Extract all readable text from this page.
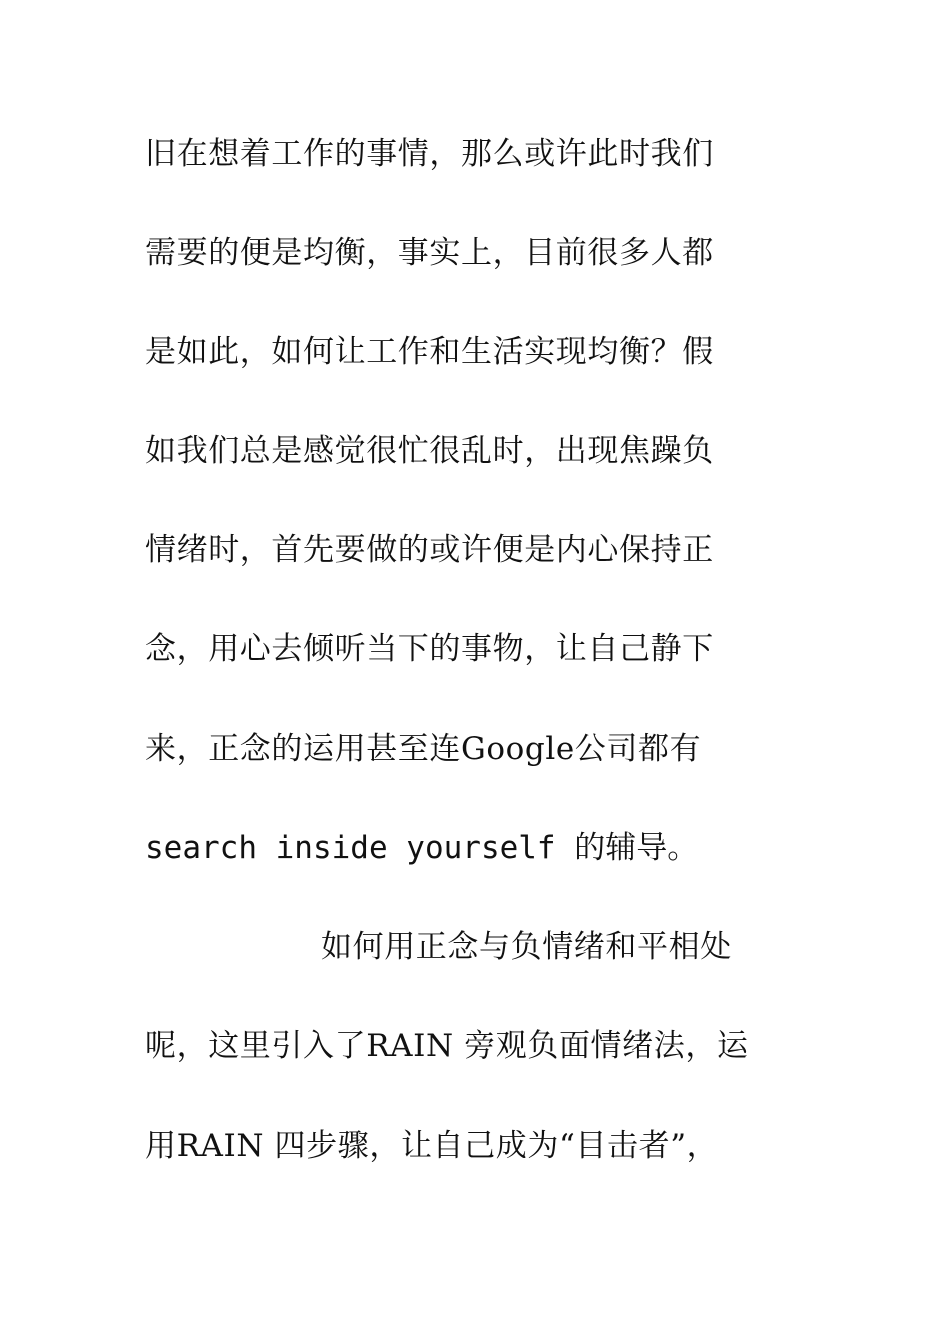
旧在想着工作的事情，那么或许此时我们
需要的便是均衡，事实上，目前很多人都
是如此，如何让工作和生活实现均衡？假
如我们总是感觉很忙很乱时，出现焦躁负
情绪时，首先要做的或许便是内心保持正
念，用心去倾听当下的事物，让自己静下
来，正念的运用甚至连Google公司都有
search inside yourself 的辅导。
如何用正念与负情绪和平相处
呢，这里引入了RAIN 旁观负面情绪法，运
用RAIN 四步骤，让自己成为“目击者”，
